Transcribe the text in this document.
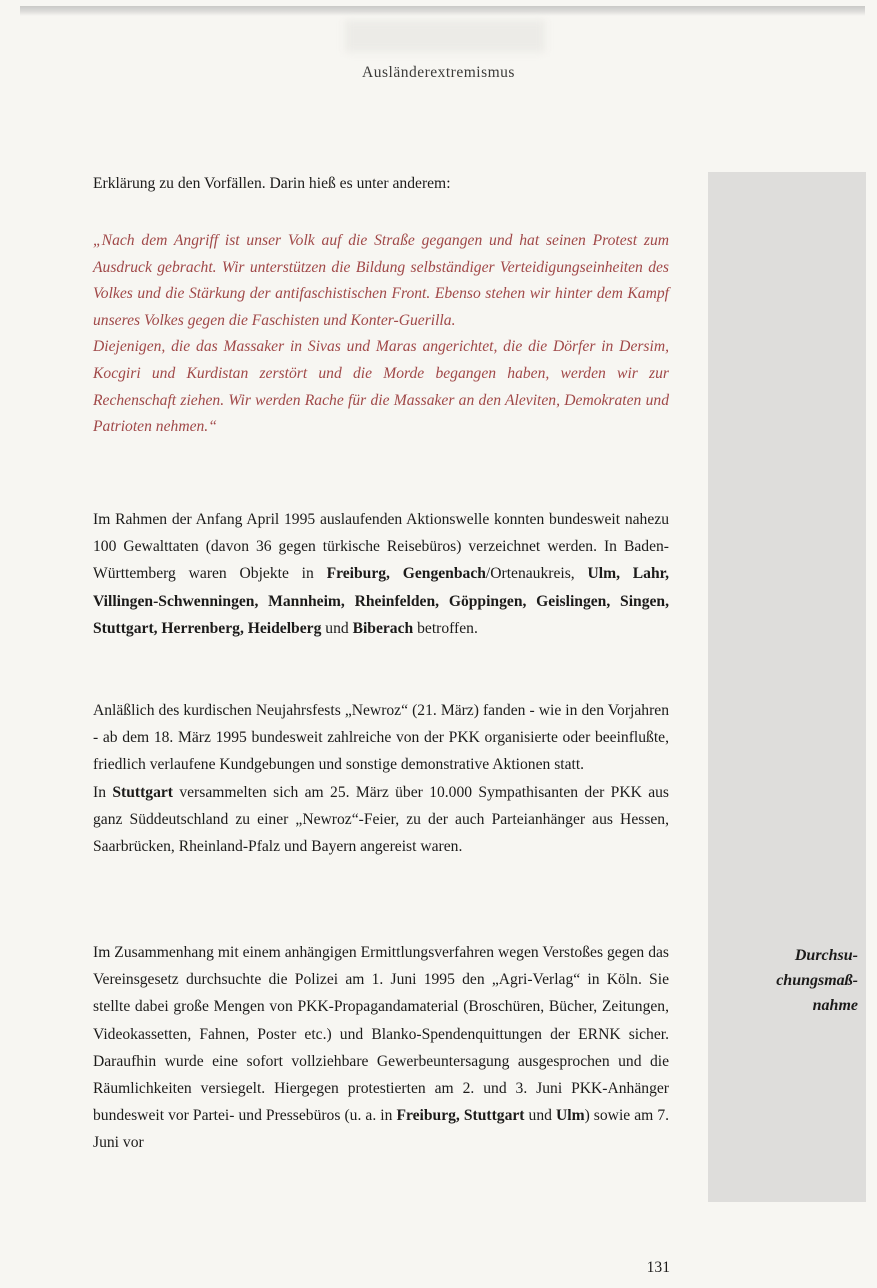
Ausländerextremismus
Durchsu-
chungsmaß-
nahme

Erklärung zu den Vorfällen. Darin hieß es unter anderem:

„Nach dem Angriff ist unser Volk auf die Straße gegangen und hat seinen Protest zum Ausdruck gebracht. Wir unterstützen die Bildung selbständiger Verteidigungseinheiten des Volkes und die Stärkung der antifaschistischen Front. Ebenso stehen wir hinter dem Kampf unseres Volkes gegen die Faschisten und Konter-Guerilla.

Diejenigen, die das Massaker in Sivas und Maras angerichtet, die die Dörfer in Dersim, Kocgiri und Kurdistan zerstört und die Morde begangen haben, werden wir zur Rechenschaft ziehen. Wir werden Rache für die Massaker an den Aleviten, Demokraten und Patrioten nehmen.“

Im Rahmen der Anfang April 1995 auslaufenden Aktionswelle konnten bundesweit nahezu 100 Gewalttaten (davon 36 gegen türkische Reisebüros) verzeichnet werden. In Baden-Württemberg waren Objekte in Freiburg, Gengenbach/Ortenaukreis, Ulm, Lahr, Villingen-Schwenningen, Mannheim, Rheinfelden, Göppingen, Geislingen, Singen, Stuttgart, Herrenberg, Heidelberg und Biberach betroffen.

Anläßlich des kurdischen Neujahrsfests „Newroz“ (21. März) fanden - wie in den Vorjahren - ab dem 18. März 1995 bundesweit zahlreiche von der PKK organisierte oder beeinflußte, friedlich verlaufene Kundgebungen und sonstige demonstrative Aktionen statt.

In Stuttgart versammelten sich am 25. März über 10.000 Sympathisanten der PKK aus ganz Süddeutschland zu einer „Newroz“-Feier, zu der auch Parteianhänger aus Hessen, Saarbrücken, Rheinland-Pfalz und Bayern angereist waren.

Im Zusammenhang mit einem anhängigen Ermittlungsverfahren wegen Verstoßes gegen das Vereinsgesetz durchsuchte die Polizei am 1. Juni 1995 den „Agri-Verlag“ in Köln. Sie stellte dabei große Mengen von PKK-Propagandamaterial (Broschüren, Bücher, Zeitungen, Videokassetten, Fahnen, Poster etc.) und Blanko-Spendenquittungen der ERNK sicher. Daraufhin wurde eine sofort vollziehbare Gewerbeuntersagung ausgesprochen und die Räumlichkeiten versiegelt. Hiergegen protestierten am 2. und 3. Juni PKK-Anhänger bundesweit vor Partei- und Pressebüros (u. a. in Freiburg, Stuttgart und Ulm) sowie am 7. Juni vor

131
